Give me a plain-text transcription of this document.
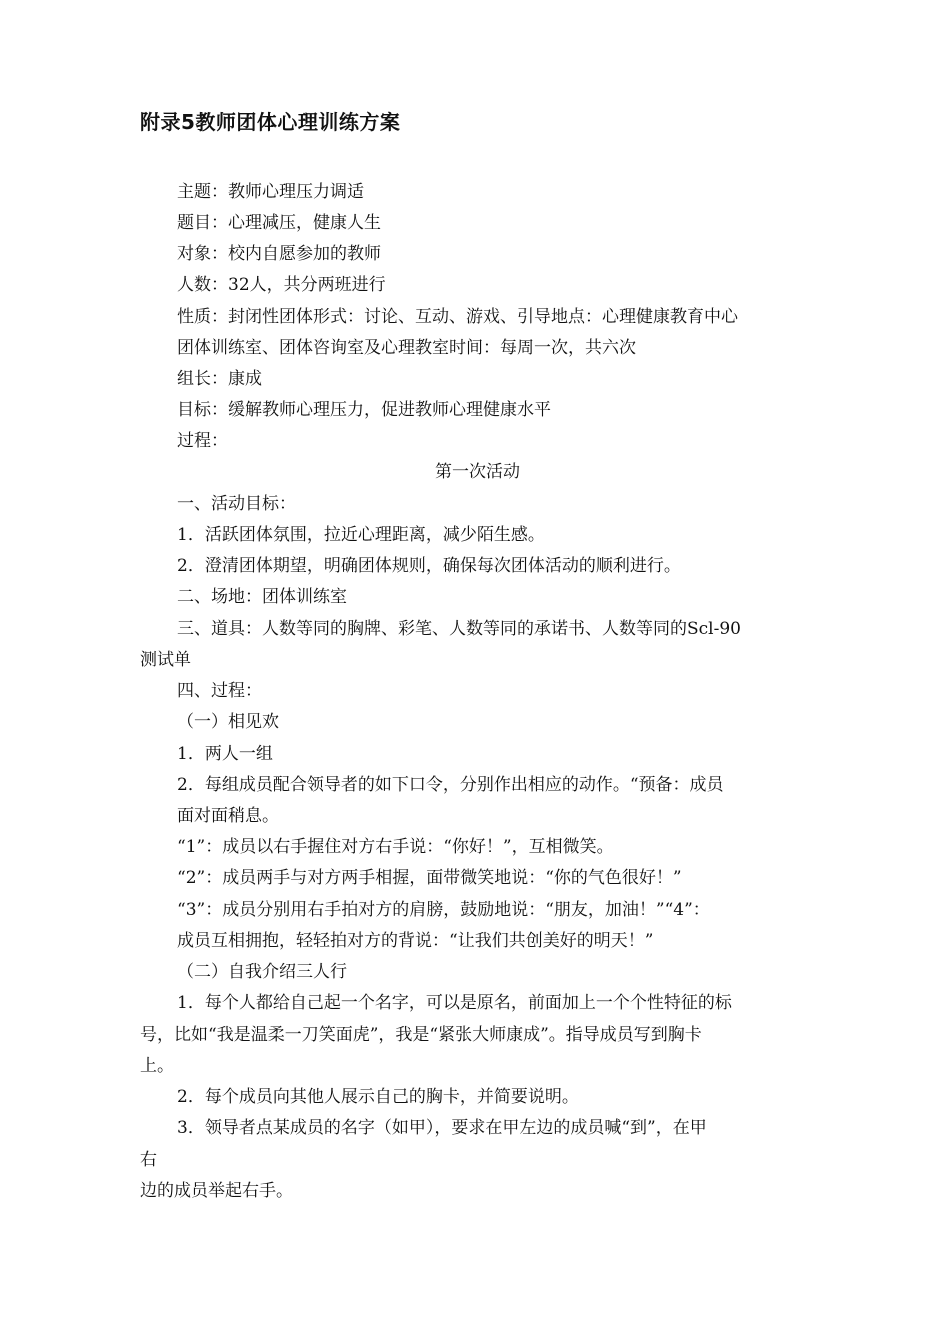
附录5教师团体心理训练方案
主题：教师心理压力调适
题目：心理减压，健康人生
对象：校内自愿参加的教师
人数：32人，共分两班进行
性质：封闭性团体形式：讨论、互动、游戏、引导地点：心理健康教育中心
团体训练室、团体咨询室及心理教室时间：每周一次，共六次
组长：康成
目标：缓解教师心理压力，促进教师心理健康水平
过程：
第一次活动
一、活动目标：
1．活跃团体氛围，拉近心理距离，减少陌生感。
2．澄清团体期望，明确团体规则，确保每次团体活动的顺利进行。
二、场地：团体训练室
三、道具：人数等同的胸牌、彩笔、人数等同的承诺书、人数等同的Scl-90
测试单
四、过程：
（一）相见欢
1．两人一组
2．每组成员配合领导者的如下口令，分别作出相应的动作。“预备：成员
面对面稍息。
“1”：成员以右手握住对方右手说：“你好！”，互相微笑。
“2”：成员两手与对方两手相握，面带微笑地说：“你的气色很好！”
“3”：成员分别用右手拍对方的肩膀，鼓励地说：“朋友，加油！”“4”：
成员互相拥抱，轻轻拍对方的背说：“让我们共创美好的明天！”
（二）自我介绍三人行
1．每个人都给自己起一个名字，可以是原名，前面加上一个个性特征的标
号，比如“我是温柔一刀笑面虎”，我是“紧张大师康成”。指导成员写到胸卡
上。
2．每个成员向其他人展示自己的胸卡，并简要说明。
3．领导者点某成员的名字（如甲），要求在甲左边的成员喊“到”，在甲
右
边的成员举起右手。
